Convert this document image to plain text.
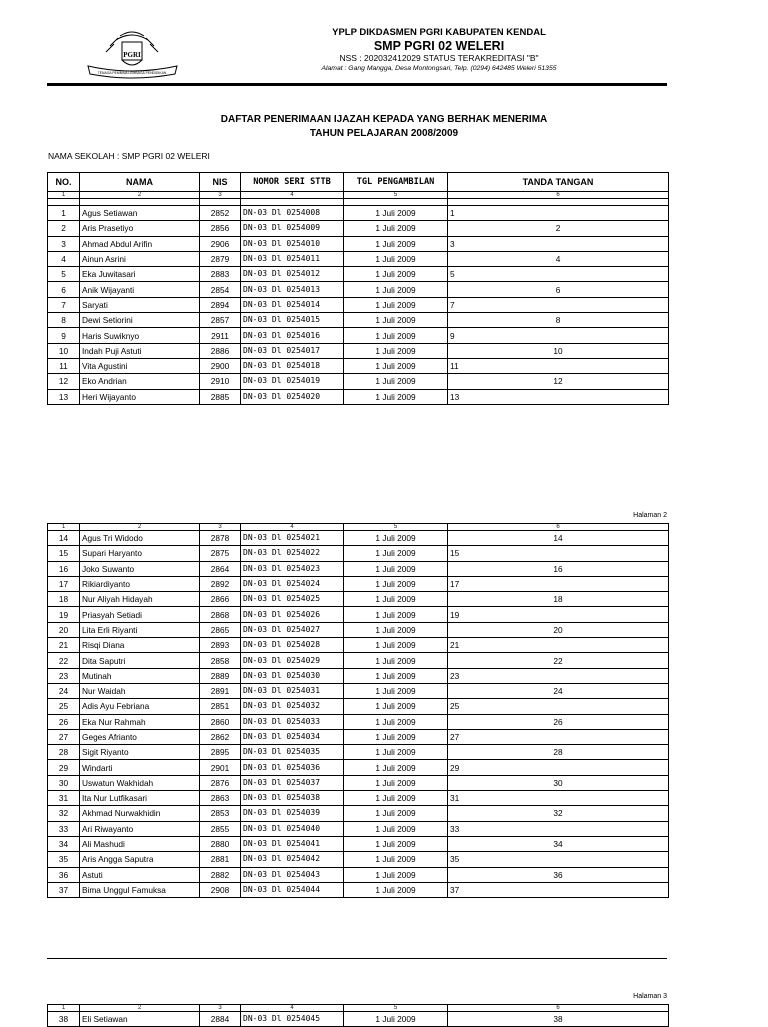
PGRI
TENAGA PEMBINA LEMBAGA PENDIDIKAN
YPLP DIKDASMEN PGRI KABUPATEN KENDAL
SMP PGRI 02 WELERI
NSS : 202032412029 STATUS TERAKREDITASI "B"
Alamat : Gang Mangga, Desa Montongsari, Telp. (0294) 642485 Weleri 51355
DAFTAR PENERIMAAN IJAZAH KEPADA YANG BERHAK MENERIMA
TAHUN PELAJARAN 2008/2009
NAMA SEKOLAH : SMP PGRI 02 WELERI
NO.	NAMA	NIS	NOMOR SERI STTB	TGL PENGAMBILAN	TANDA TANGAN
1	2	3	4	5	6

1	Agus Setiawan	2852	DN-03 Dl 0254008	1 Juli 2009	1
2	Aris Prasetiyo	2856	DN-03 Dl 0254009	1 Juli 2009	2
3	Ahmad Abdul Arifin	2906	DN-03 Dl 0254010	1 Juli 2009	3
4	Ainun Asrini	2879	DN-03 Dl 0254011	1 Juli 2009	4
5	Eka Juwitasari	2883	DN-03 Dl 0254012	1 Juli 2009	5
6	Anik Wijayanti	2854	DN-03 Dl 0254013	1 Juli 2009	6
7	Saryati	2894	DN-03 Dl 0254014	1 Juli 2009	7
8	Dewi Setiorini	2857	DN-03 Dl 0254015	1 Juli 2009	8
9	Haris Suwiknyo	2911	DN-03 Dl 0254016	1 Juli 2009	9
10	Indah Puji Astuti	2886	DN-03 Dl 0254017	1 Juli 2009	10
11	Vita Agustini	2900	DN-03 Dl 0254018	1 Juli 2009	11
12	Eko Andrian	2910	DN-03 Dl 0254019	1 Juli 2009	12
13	Heri Wijayanto	2885	DN-03 Dl 0254020	1 Juli 2009	13
Halaman 2
1	2	3	4	5	6
14	Agus Tri Widodo	2878	DN-03 Dl 0254021	1 Juli 2009	14
15	Supari Haryanto	2875	DN-03 Dl 0254022	1 Juli 2009	15
16	Joko Suwanto	2864	DN-03 Dl 0254023	1 Juli 2009	16
17	Rikiardiyanto	2892	DN-03 Dl 0254024	1 Juli 2009	17
18	Nur Aliyah Hidayah	2866	DN-03 Dl 0254025	1 Juli 2009	18
19	Priasyah Setiadi	2868	DN-03 Dl 0254026	1 Juli 2009	19
20	Lita Erli Riyanti	2865	DN-03 Dl 0254027	1 Juli 2009	20
21	Risqi Diana	2893	DN-03 Dl 0254028	1 Juli 2009	21
22	Dita Saputri	2858	DN-03 Dl 0254029	1 Juli 2009	22
23	Mutinah	2889	DN-03 Dl 0254030	1 Juli 2009	23
24	Nur Waidah	2891	DN-03 Dl 0254031	1 Juli 2009	24
25	Adis Ayu Febriana	2851	DN-03 Dl 0254032	1 Juli 2009	25
26	Eka Nur Rahmah	2860	DN-03 Dl 0254033	1 Juli 2009	26
27	Geges Afrianto	2862	DN-03 Dl 0254034	1 Juli 2009	27
28	Sigit Riyanto	2895	DN-03 Dl 0254035	1 Juli 2009	28
29	Windarti	2901	DN-03 Dl 0254036	1 Juli 2009	29
30	Uswatun Wakhidah	2876	DN-03 Dl 0254037	1 Juli 2009	30
31	Ita Nur Lutfikasari	2863	DN-03 Dl 0254038	1 Juli 2009	31
32	Akhmad Nurwakhidin	2853	DN-03 Dl 0254039	1 Juli 2009	32
33	Ari Riwayanto	2855	DN-03 Dl 0254040	1 Juli 2009	33
34	Ali Mashudi	2880	DN-03 Dl 0254041	1 Juli 2009	34
35	Aris Angga Saputra	2881	DN-03 Dl 0254042	1 Juli 2009	35
36	Astuti	2882	DN-03 Dl 0254043	1 Juli 2009	36
37	Bima Unggul Famuksa	2908	DN-03 Dl 0254044	1 Juli 2009	37
Halaman 3
1	2	3	4	5	6
38	Eli Setiawan	2884	DN-03 Dl 0254045	1 Juli 2009	38
